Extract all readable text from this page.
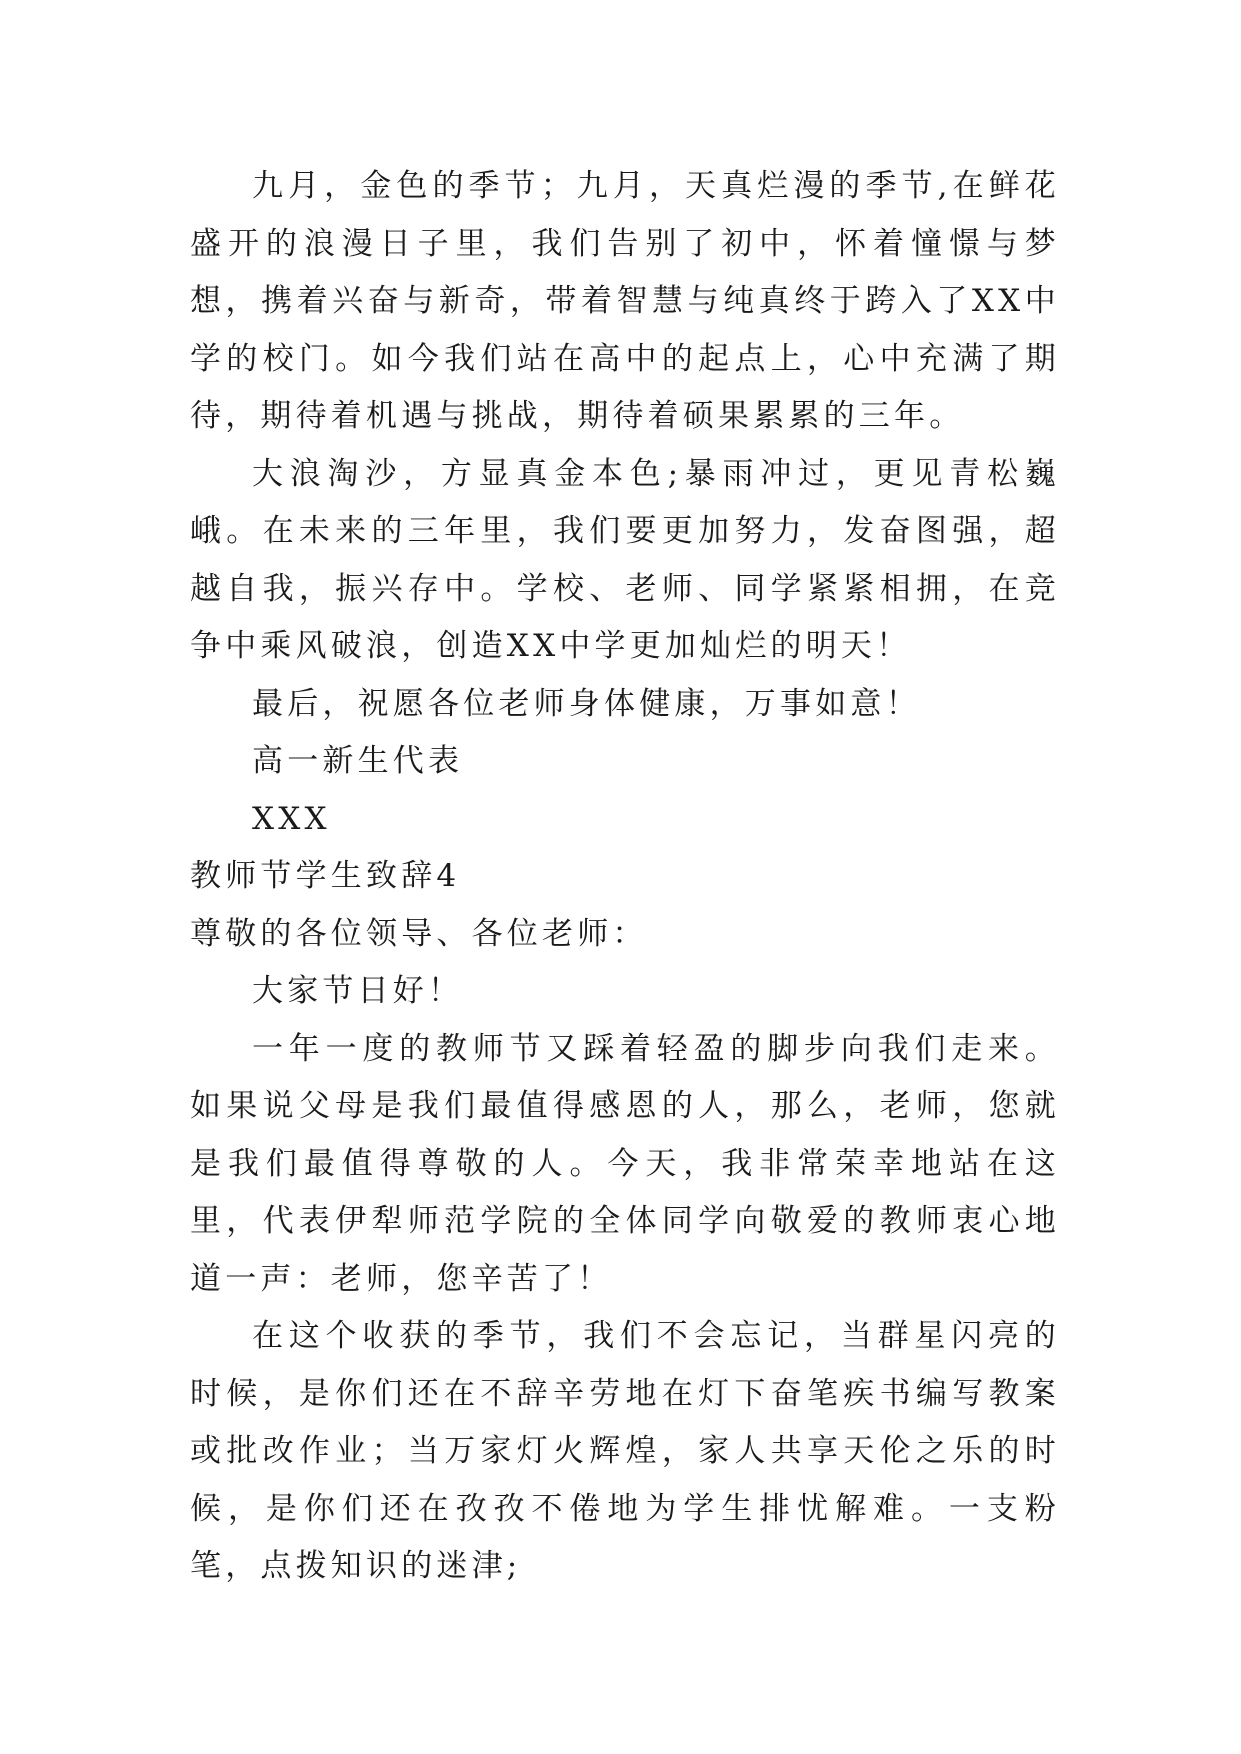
九月，金色的季节；九月，天真烂漫的季节,在鲜花盛开的浪漫日子里，我们告别了初中，怀着憧憬与梦想，携着兴奋与新奇，带着智慧与纯真终于跨入了XX中学的校门。如今我们站在高中的起点上，心中充满了期待，期待着机遇与挑战，期待着硕果累累的三年。

大浪淘沙，方显真金本色;暴雨冲过，更见青松巍峨。在未来的三年里，我们要更加努力，发奋图强，超越自我，振兴存中。学校、老师、同学紧紧相拥，在竞争中乘风破浪，创造XX中学更加灿烂的明天！

最后，祝愿各位老师身体健康，万事如意！

高一新生代表

XXX

教师节学生致辞4

尊敬的各位领导、各位老师：

大家节日好！

一年一度的教师节又踩着轻盈的脚步向我们走来。如果说父母是我们最值得感恩的人，那么，老师，您就是我们最值得尊敬的人。今天，我非常荣幸地站在这里，代表伊犁师范学院的全体同学向敬爱的教师衷心地道一声：老师，您辛苦了！

在这个收获的季节，我们不会忘记，当群星闪亮的时候，是你们还在不辞辛劳地在灯下奋笔疾书编写教案或批改作业；当万家灯火辉煌，家人共享天伦之乐的时候，是你们还在孜孜不倦地为学生排忧解难。一支粉笔，点拨知识的迷津;
